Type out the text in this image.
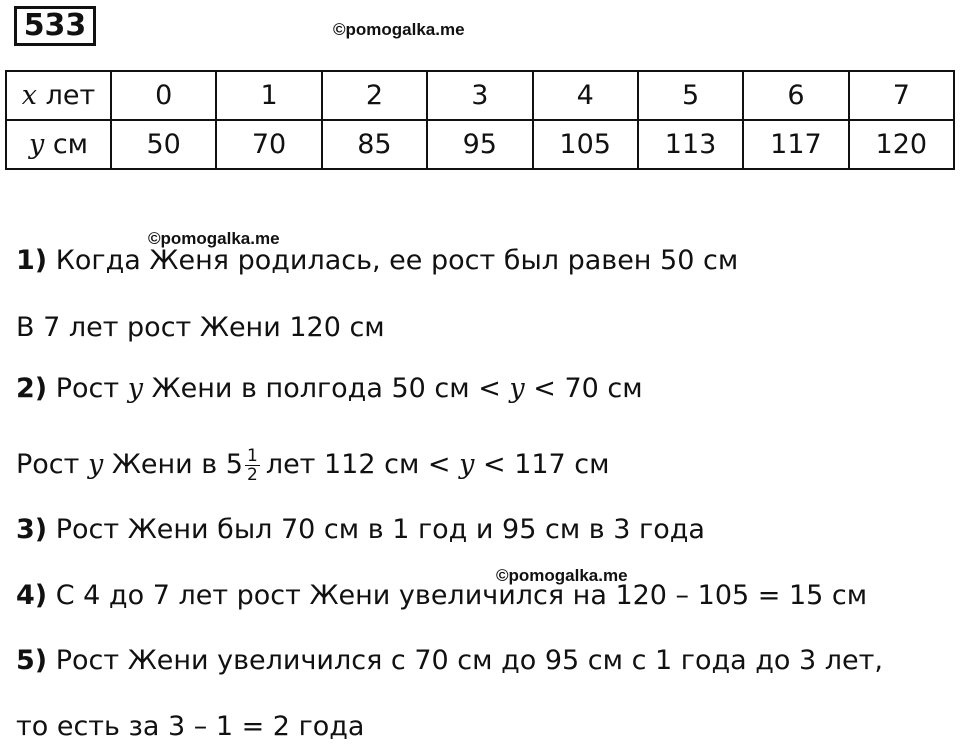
533	©pomogalka.me
x лет	0	1	2	3	4	5	6	7
y см	50	70	85	95	105	113	117	120
©pomogalka.me
1) Когда Женя родилась, ее рост был равен 50 см
В 7 лет рост Жени 120 см
2) Рост y Жени в полгода 50 см < y < 70 см
Рост y Жени в $5 \frac{1}{2}$ лет 112 см < y < 117 см
3) Рост Жени был 70 см в 1 год и 95 см в 3 года
©pomogalka.me
4) С 4 до 7 лет рост Жени увеличился на 120 – 105 = 15 см
5) Рост Жени увеличился с 70 см до 95 см с 1 года до 3 лет,
то есть за 3 – 1 = 2 года
